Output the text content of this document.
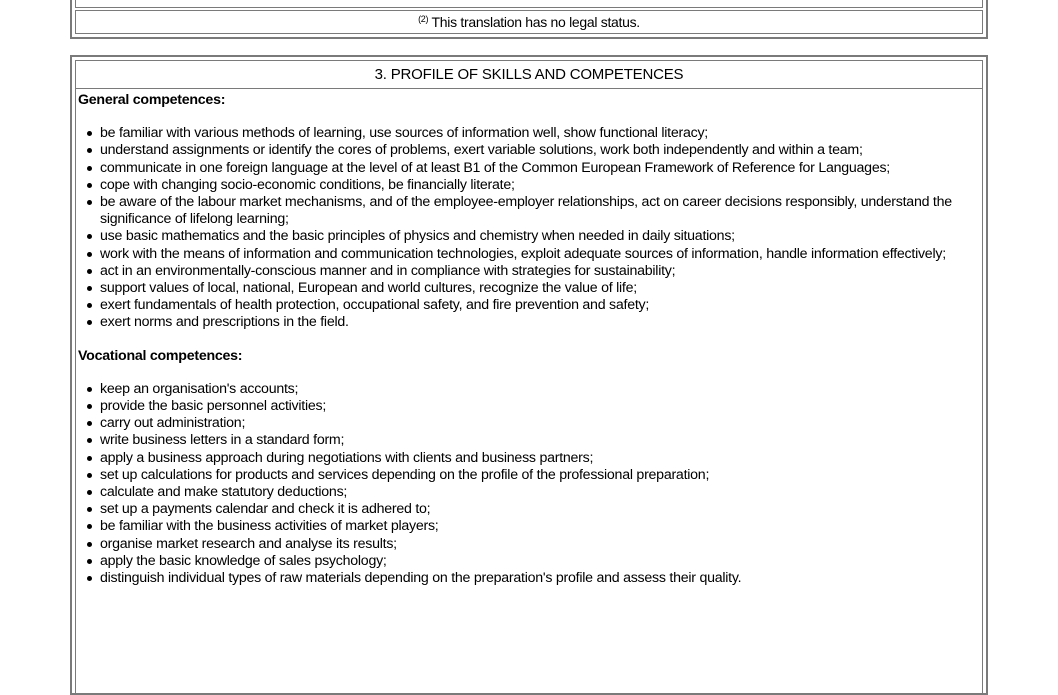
$^{(2)}$ This translation has no legal status.
3. PROFILE OF SKILLS AND COMPETENCES

General competences:

be familiar with various methods of learning, use sources of information well, show functional literacy;
understand assignments or identify the cores of problems, exert variable solutions, work both independently and within a team;
communicate in one foreign language at the level of at least B1 of the Common European Framework of Reference for Languages;
cope with changing socio-economic conditions, be financially literate;
be aware of the labour market mechanisms, and of the employee-employer relationships, act on career decisions responsibly, understand the significance of lifelong learning;
use basic mathematics and the basic principles of physics and chemistry when needed in daily situations;
work with the means of information and communication technologies, exploit adequate sources of information, handle information effectively;
act in an environmentally-conscious manner and in compliance with strategies for sustainability;
support values of local, national, European and world cultures, recognize the value of life;
exert fundamentals of health protection, occupational safety, and fire prevention and safety;
exert norms and prescriptions in the field.

Vocational competences:

keep an organisation's accounts;
provide the basic personnel activities;
carry out administration;
write business letters in a standard form;
apply a business approach during negotiations with clients and business partners;
set up calculations for products and services depending on the profile of the professional preparation;
calculate and make statutory deductions;
set up a payments calendar and check it is adhered to;
be familiar with the business activities of market players;
organise market research and analyse its results;
apply the basic knowledge of sales psychology;
distinguish individual types of raw materials depending on the preparation's profile and assess their quality.
